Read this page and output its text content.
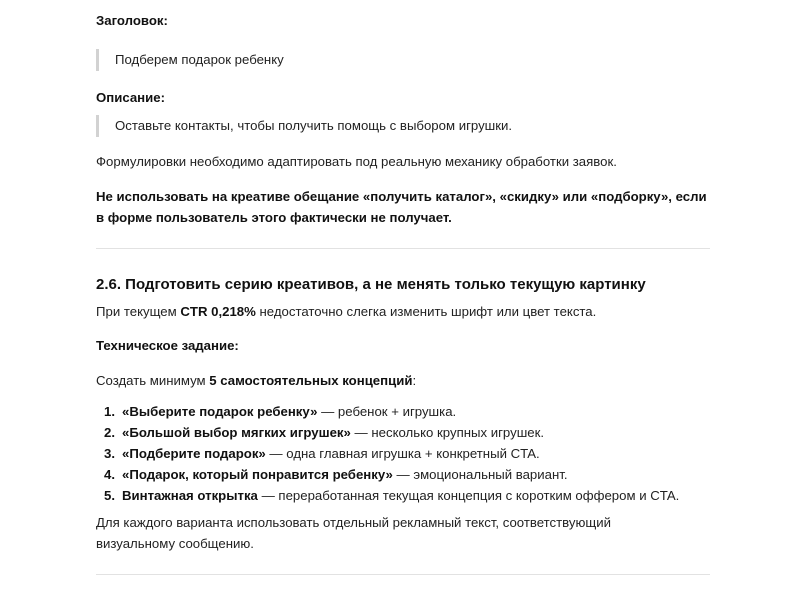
Заголовок:
Подберем подарок ребенку
Описание:
Оставьте контакты, чтобы получить помощь с выбором игрушки.
Формулировки необходимо адаптировать под реальную механику обработки заявок.
Не использовать на креативе обещание «получить каталог», «скидку» или «подборку», если в форме пользователь этого фактически не получает.
2.6. Подготовить серию креативов, а не менять только текущую картинку
При текущем CTR 0,218% недостаточно слегка изменить шрифт или цвет текста.
Техническое задание:
Создать минимум 5 самостоятельных концепций:
1. «Выберите подарок ребенку» — ребенок + игрушка.
2. «Большой выбор мягких игрушек» — несколько крупных игрушек.
3. «Подберите подарок» — одна главная игрушка + конкретный CTA.
4. «Подарок, который понравится ребенку» — эмоциональный вариант.
5. Винтажная открытка — переработанная текущая концепция с коротким оффером и CTA.
Для каждого варианта использовать отдельный рекламный текст, соответствующий визуальному сообщению.
